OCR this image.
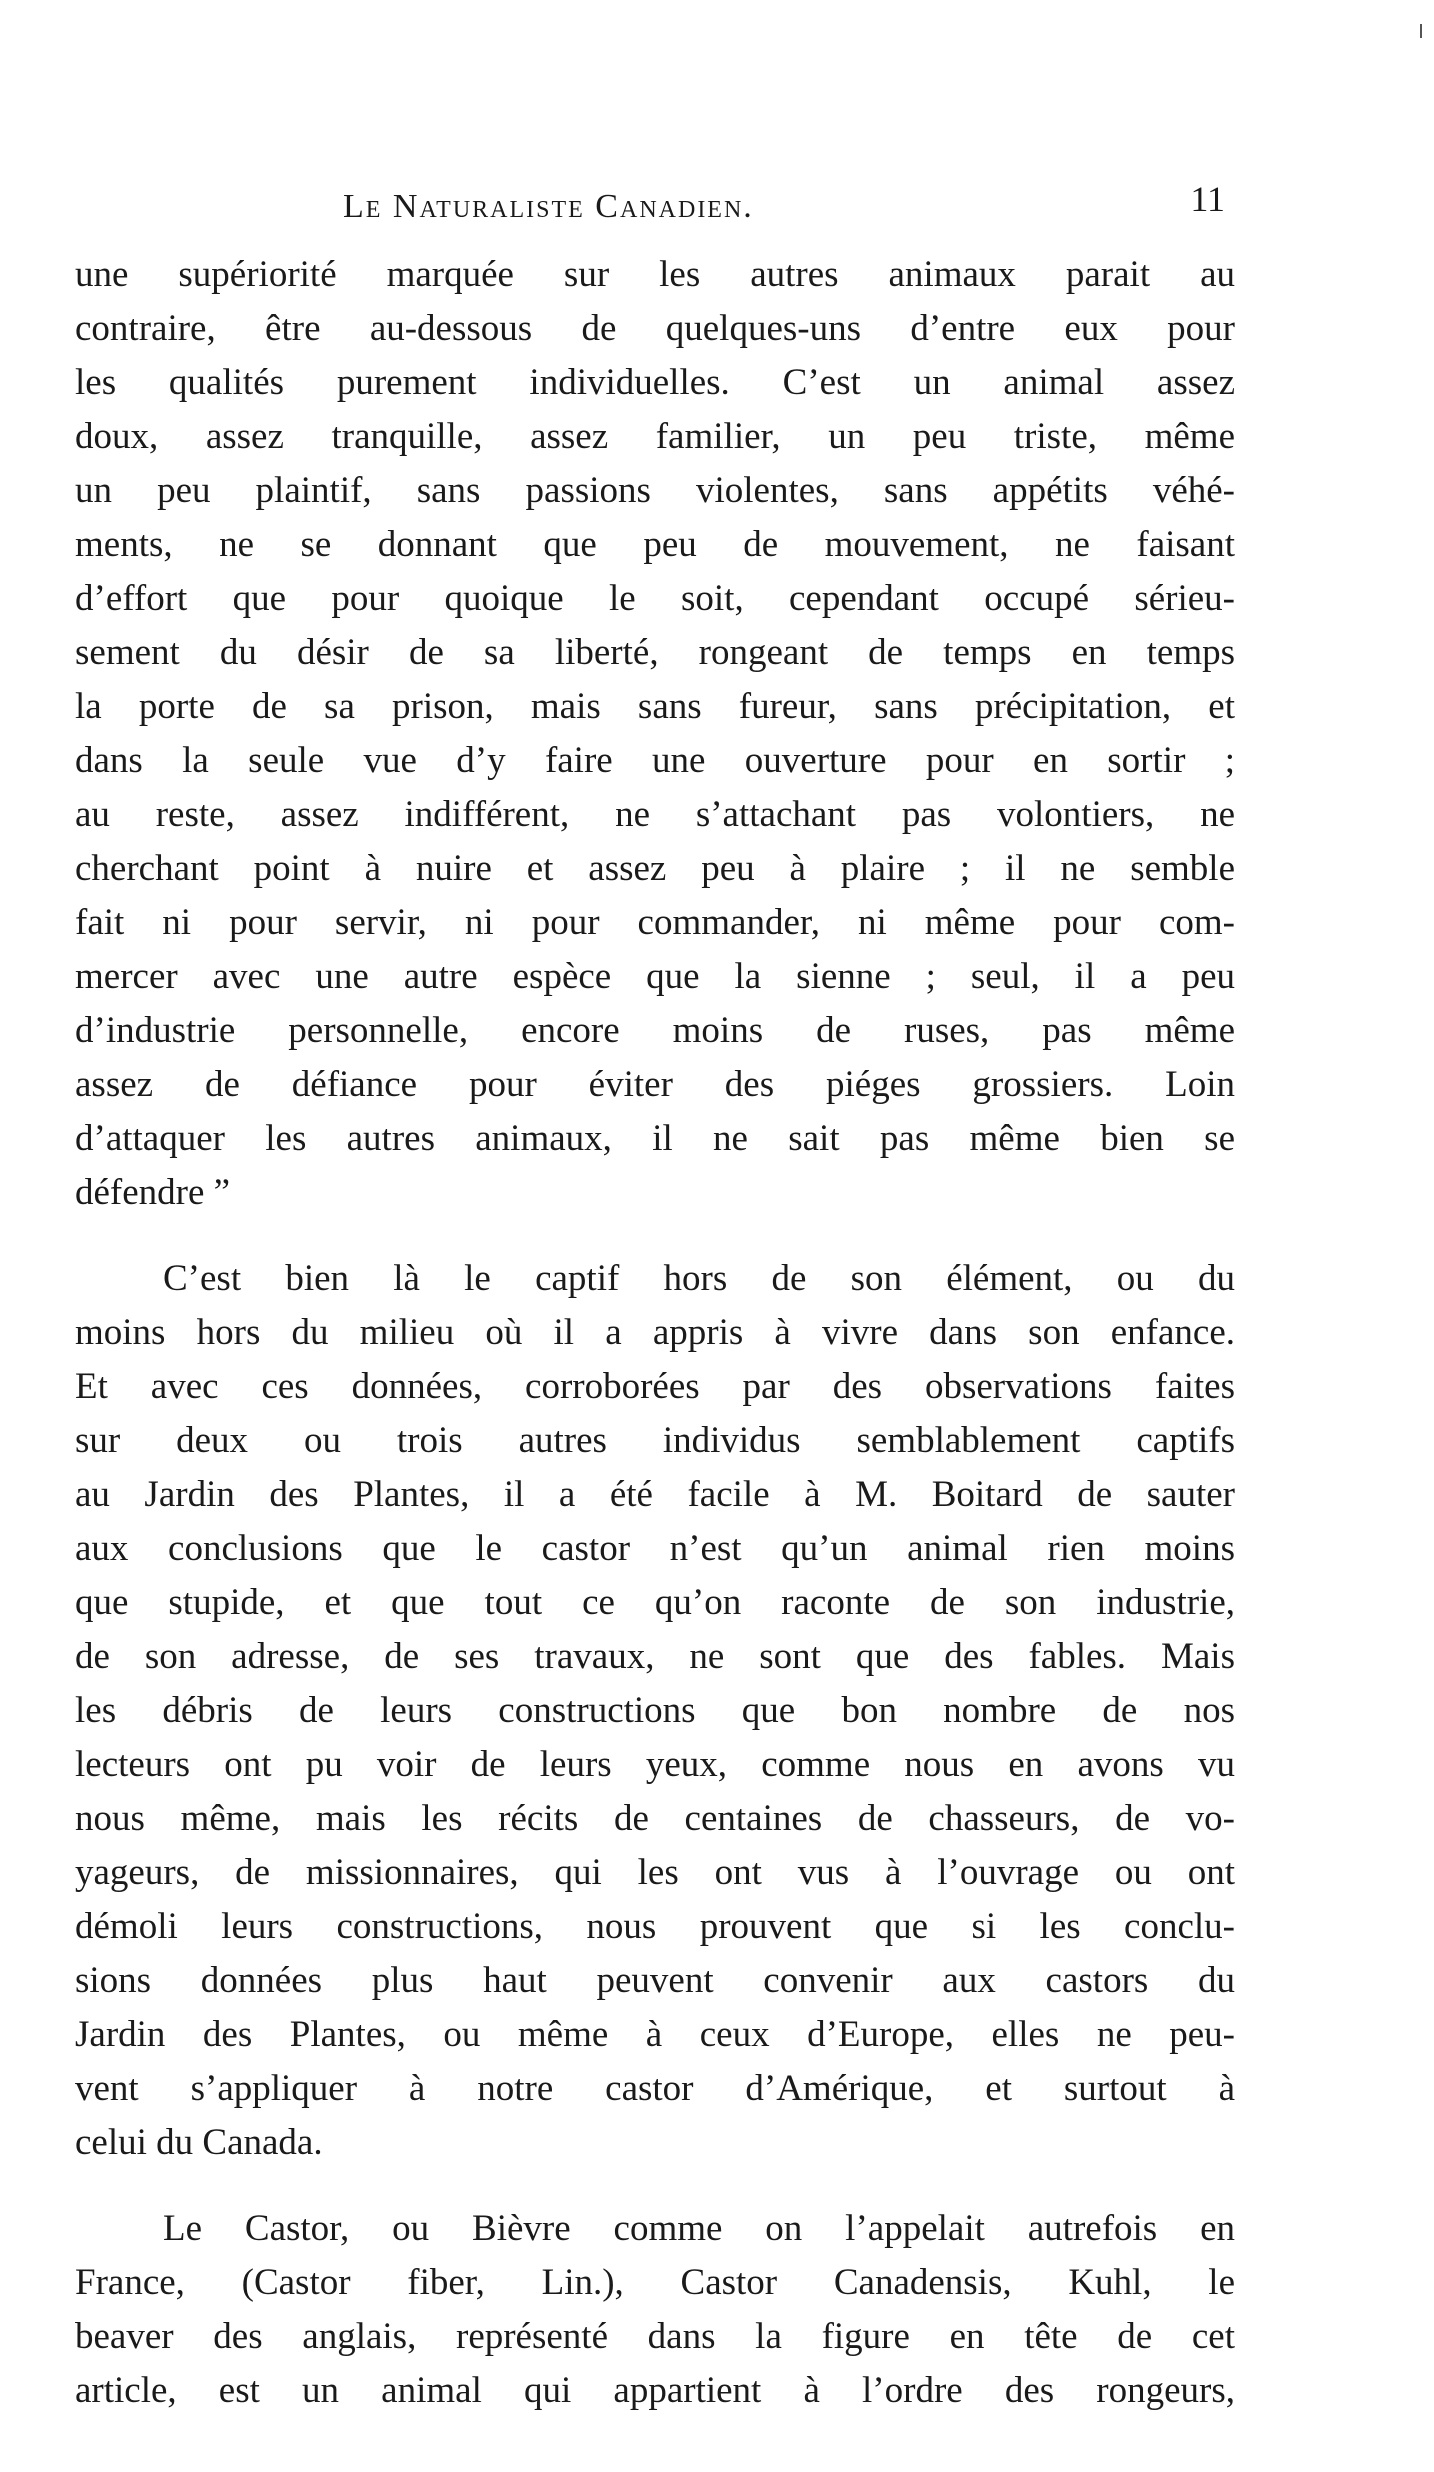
Le Naturaliste Canadien.	11
une supériorité marquée sur les autres animaux parait au
contraire, être au-dessous de quelques-uns d’entre eux pour
les qualités purement individuelles. C’est un animal assez
doux, assez tranquille, assez familier, un peu triste, même
un peu plaintif, sans passions violentes, sans appétits véhé-
ments, ne se donnant que peu de mouvement, ne faisant
d’effort que pour quoique le soit, cependant occupé sérieu-
sement du désir de sa liberté, rongeant de temps en temps
la porte de sa prison, mais sans fureur, sans précipitation, et
dans la seule vue d’y faire une ouverture pour en sortir ;
au reste, assez indifférent, ne s’attachant pas volontiers, ne
cherchant point à nuire et assez peu à plaire ; il ne semble
fait ni pour servir, ni pour commander, ni même pour com-
mercer avec une autre espèce que la sienne ; seul, il a peu
d’industrie personnelle, encore moins de ruses, pas même
assez de défiance pour éviter des piéges grossiers. Loin
d’attaquer les autres animaux, il ne sait pas même bien se
défendre ”
C’est bien là le captif hors de son élément, ou du
moins hors du milieu où il a appris à vivre dans son enfance.
Et avec ces données, corroborées par des observations faites
sur deux ou trois autres individus semblablement captifs
au Jardin des Plantes, il a été facile à M. Boitard de sauter
aux conclusions que le castor n’est qu’un animal rien moins
que stupide, et que tout ce qu’on raconte de son industrie,
de son adresse, de ses travaux, ne sont que des fables. Mais
les débris de leurs constructions que bon nombre de nos
lecteurs ont pu voir de leurs yeux, comme nous en avons vu
nous même, mais les récits de centaines de chasseurs, de vo-
yageurs, de missionnaires, qui les ont vus à l’ouvrage ou ont
démoli leurs constructions, nous prouvent que si les conclu-
sions données plus haut peuvent convenir aux castors du
Jardin des Plantes, ou même à ceux d’Europe, elles ne peu-
vent s’appliquer à notre castor d’Amérique, et surtout à
celui du Canada.
Le Castor, ou Bièvre comme on l’appelait autrefois en
France, (Castor fiber, Lin.), Castor Canadensis, Kuhl, le
beaver des anglais, représenté dans la figure en tête de cet
article, est un animal qui appartient à l’ordre des rongeurs,
